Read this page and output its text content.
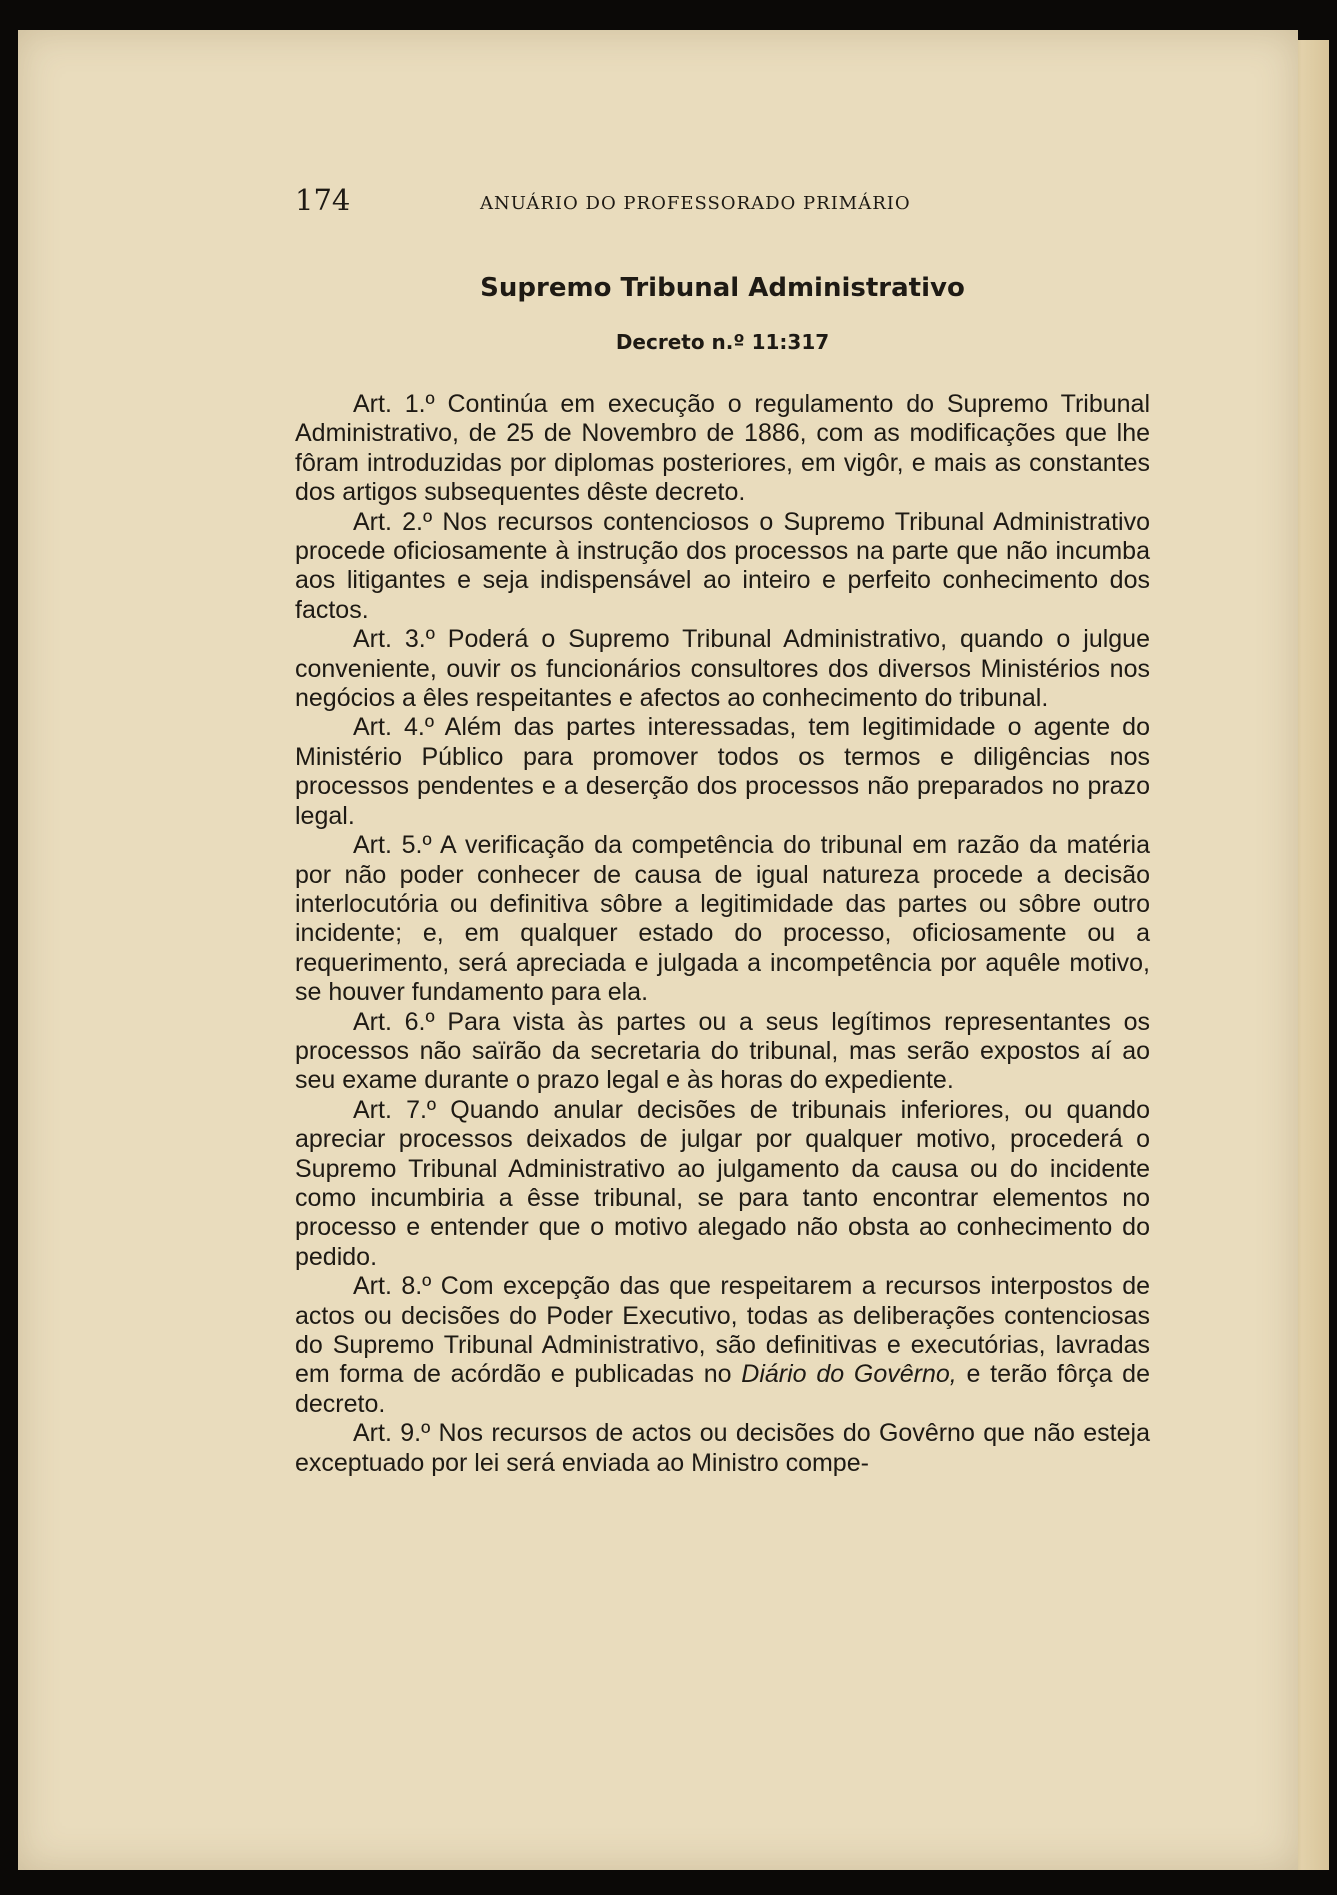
174	ANUÁRIO DO PROFESSORADO PRIMÁRIO
Supremo Tribunal Administrativo
Decreto n.º 11:317

Art. 1.º Continúa em execução o regulamento do Supremo Tribunal Administrativo, de 25 de Novembro de 1886, com as modificações que lhe fôram introduzidas por diplomas posteriores, em vigôr, e mais as constantes dos artigos subsequentes dêste decreto.

Art. 2.º Nos recursos contenciosos o Supremo Tribunal Administrativo procede oficiosamente à instrução dos processos na parte que não incumba aos litigantes e seja indispensável ao inteiro e perfeito conhecimento dos factos.

Art. 3.º Poderá o Supremo Tribunal Administrativo, quando o julgue conveniente, ouvir os funcionários consultores dos diversos Ministérios nos negócios a êles respeitantes e afectos ao conhecimento do tribunal.

Art. 4.º Além das partes interessadas, tem legitimidade o agente do Ministério Público para promover todos os termos e diligências nos processos pendentes e a deserção dos processos não preparados no prazo legal.

Art. 5.º A verificação da competência do tribunal em razão da matéria por não poder conhecer de causa de igual natureza procede a decisão interlocutória ou definitiva sôbre a legitimidade das partes ou sôbre outro incidente; e, em qualquer estado do processo, oficiosamente ou a requerimento, será apreciada e julgada a incompetência por aquêle motivo, se houver fundamento para ela.

Art. 6.º Para vista às partes ou a seus legítimos representantes os processos não saïrão da secretaria do tribunal, mas serão expostos aí ao seu exame durante o prazo legal e às horas do expediente.

Art. 7.º Quando anular decisões de tribunais inferiores, ou quando apreciar processos deixados de julgar por qualquer motivo, procederá o Supremo Tribunal Administrativo ao julgamento da causa ou do incidente como incumbiria a êsse tribunal, se para tanto encontrar elementos no processo e entender que o motivo alegado não obsta ao conhecimento do pedido.

Art. 8.º Com excepção das que respeitarem a recursos interpostos de actos ou decisões do Poder Executivo, todas as deliberações contenciosas do Supremo Tribunal Administrativo, são definitivas e executórias, lavradas em forma de acórdão e publicadas no Diário do Govêrno, e terão fôrça de decreto.

Art. 9.º Nos recursos de actos ou decisões do Govêrno que não esteja exceptuado por lei será enviada ao Ministro compe-
